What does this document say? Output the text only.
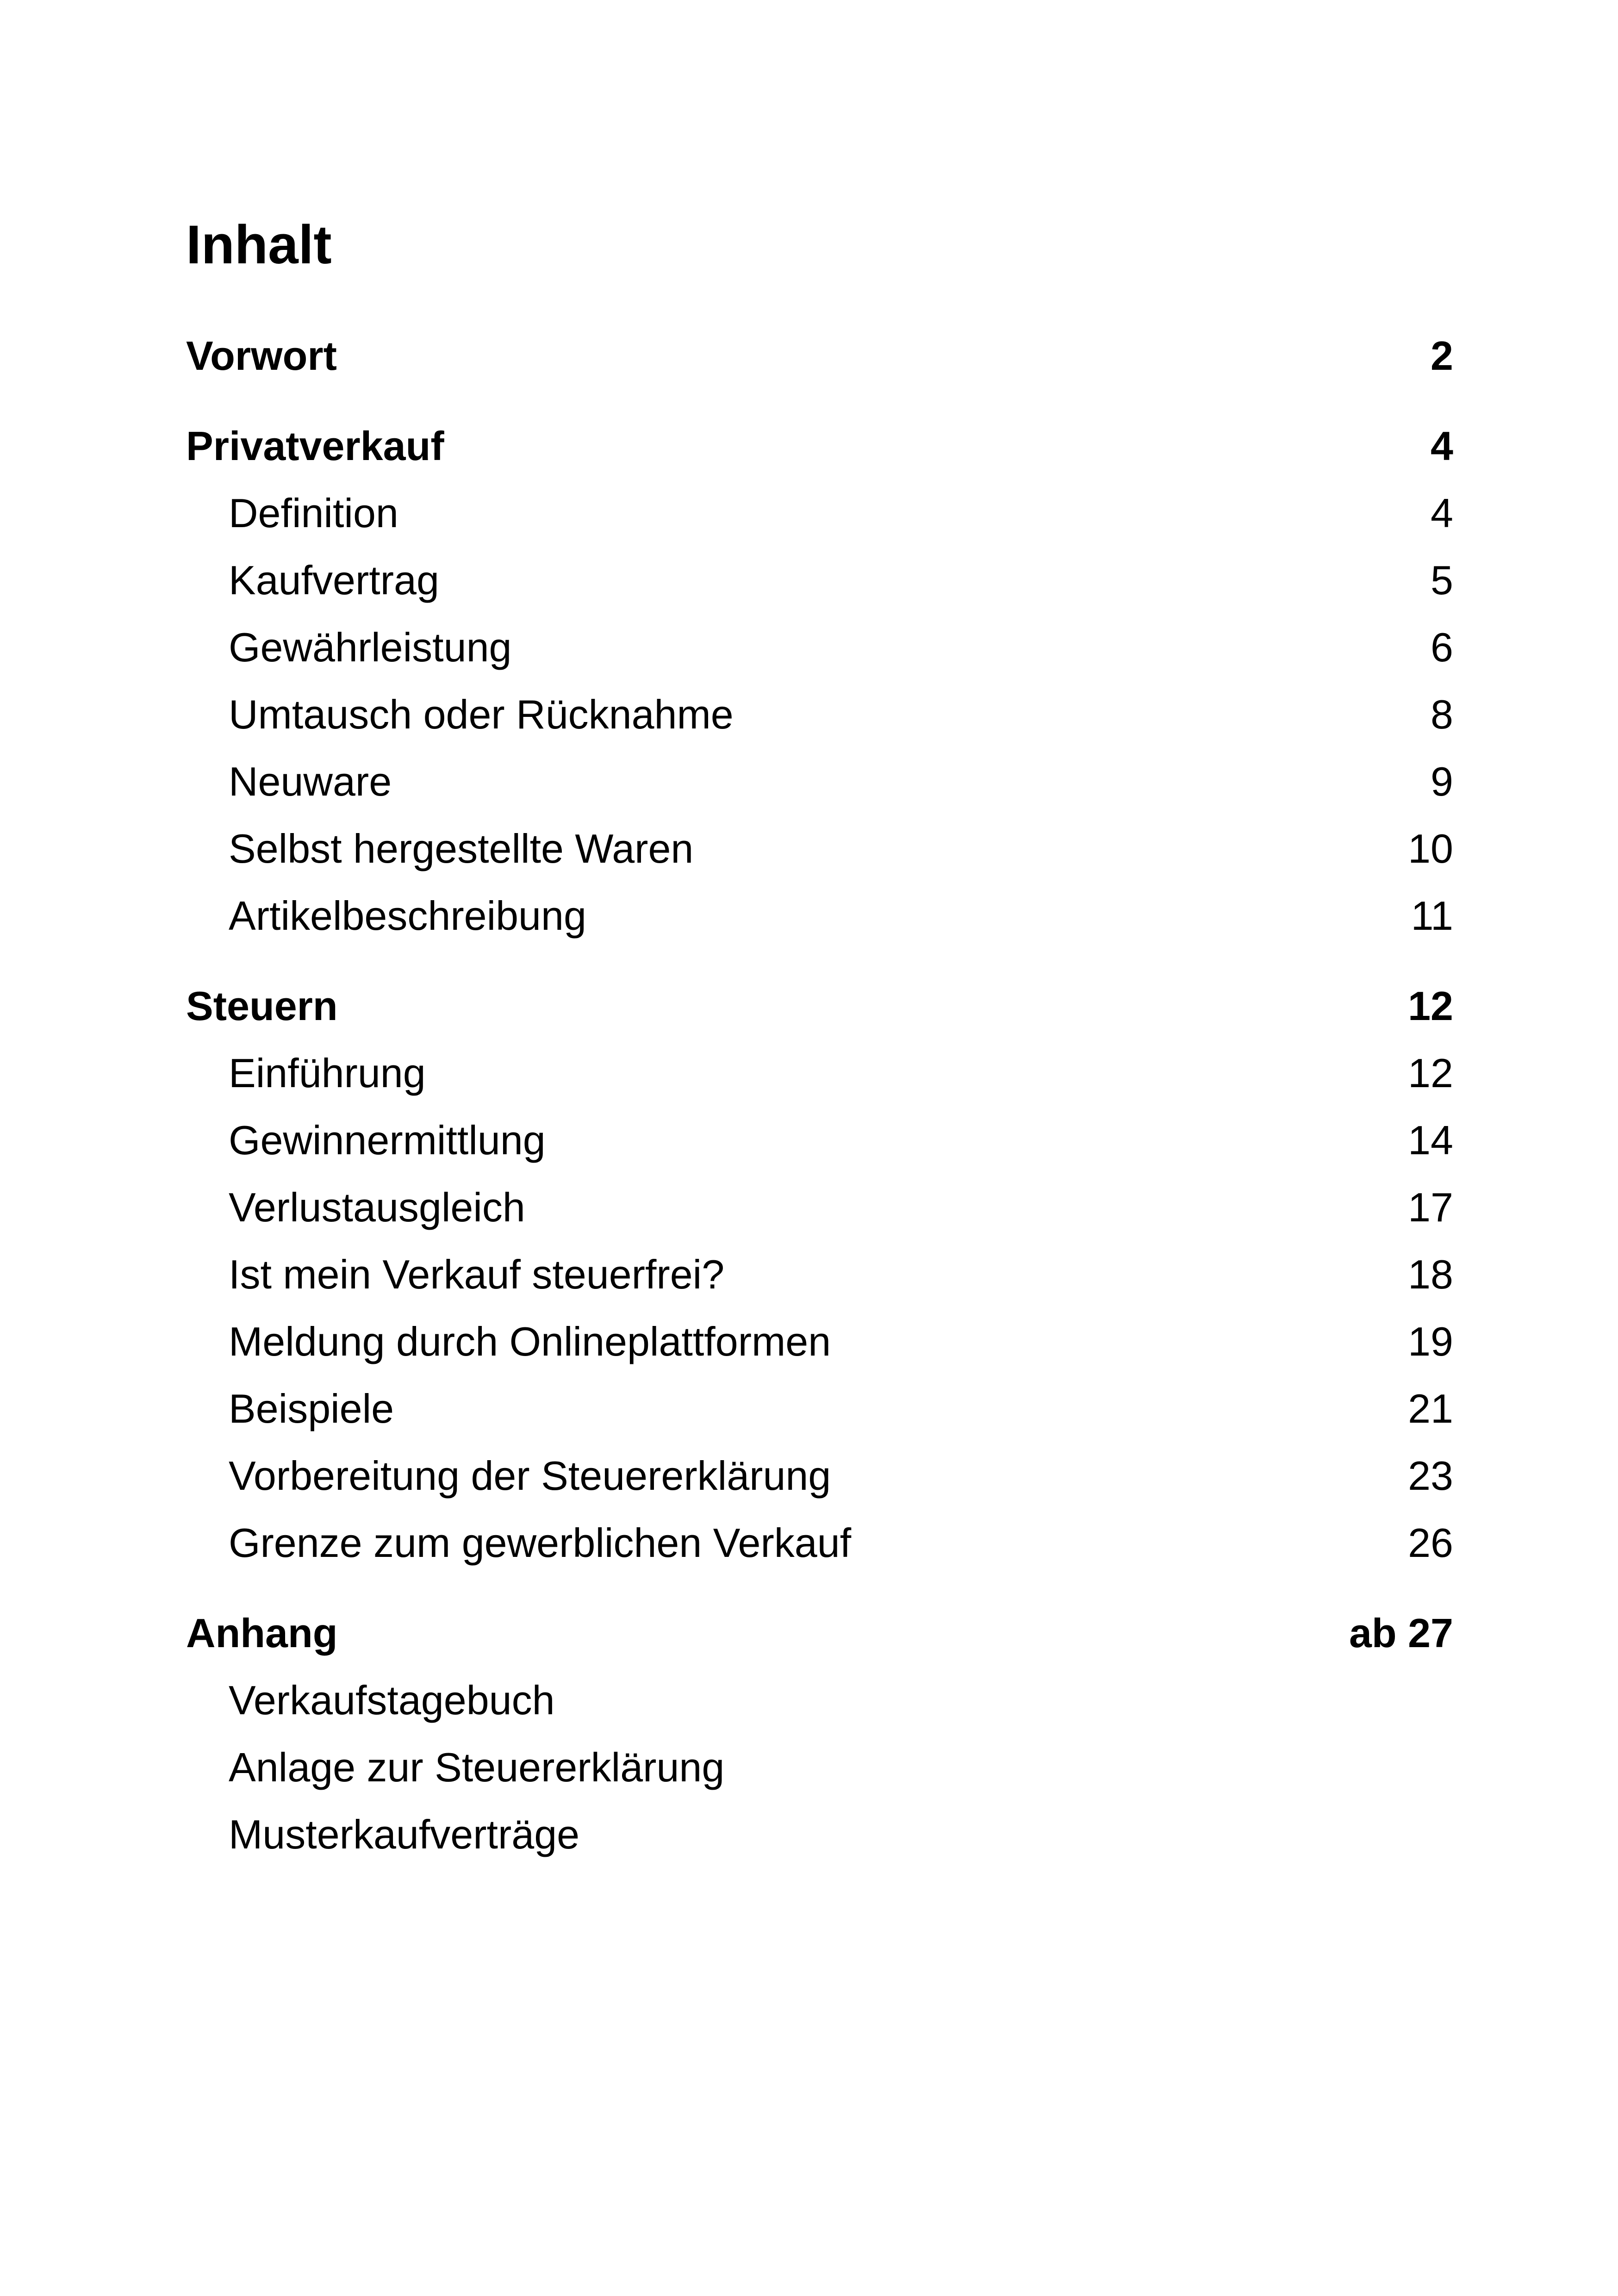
Inhalt
Vorwort	2
Privatverkauf	4
Definition	4
Kaufvertrag	5
Gewährleistung	6
Umtausch oder Rücknahme	8
Neuware	9
Selbst hergestellte Waren	10
Artikelbeschreibung	11
Steuern	12
Einführung	12
Gewinnermittlung	14
Verlustausgleich	17
Ist mein Verkauf steuerfrei?	18
Meldung durch Onlineplattformen	19
Beispiele	21
Vorbereitung der Steuererklärung	23
Grenze zum gewerblichen Verkauf	26
Anhang	ab 27
Verkaufstagebuch
Anlage zur Steuererklärung
Musterkaufverträge
